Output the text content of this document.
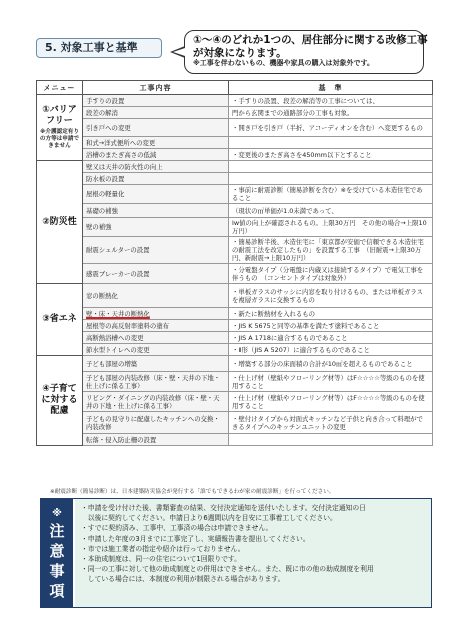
5. 対象工事と基準
①～④のどれか1つの、居住部分に関する改修工事
が対象になります。
※工事を伴わないもの、機器や家具の購入は対象外です。
メニュー	工事内容	基　準

①バリア
フリー
※介護認定有りの方等は申請できません	手すりの設置	・手すりの設置、段差の解消等の工事については、
	段差の解消	門から玄関までの通路部分の工事も対象。
	引き戸への変更	・開き戸を引き戸（半折、アコーディオンを含む）へ変更するもの
	和式→洋式便所への変更	
	浴槽のまたぎ高さの低減	・変更後のまたぎ高さを450mm以下とすること

②防災性	壁又は天井の防火性の向上	
	防水板の設置	
	屋根の軽量化	・事前に耐震診断（簡易診断を含む）※を受けている木造住宅であること
	基礎の補強	（現状の㎡単価が1.0未満であって、
	壁の補強	Iw値の向上が確認されるもの。上限30万円　その他の場合→上限10万円）
	耐震シェルターの設置	・簡易診断半後、木造住宅に「東京都が安価で信頼できる木造住宅の耐震工法を改定したもの」を設置する工事　（旧耐震→上限30万円、新耐震→上限10万円）
	感震ブレーカーの設置	・分電盤タイプ（分電盤に内蔵又は接続するタイプ）で電気工事を伴うもの　（コンセントタイプは対象外）

③省エネ	窓の断熱化	・単板ガラスのサッシに内窓を取り付けるもの、または単板ガラスを複層ガラスに交換するもの
	壁・床・天井の断熱化	・新たに断熱材を入れるもの
	屋根等の高反射率塗料の塗布	・JIS K 5675と同等の基準を満たす塗料であること
	高断熱浴槽への変更	・JIS A 1718に適合するものであること
	節水型トイレへの変更	・Ⅱ形（JIS A 5207）に適合するものであること

④子育て
に対する
配慮	子ども部屋の増築	・増築する部分の床面積の合計が10㎡を超えるものであること
	子ども部屋の内装改修（床・壁・天井の下地・仕上げに係る工事）	・仕上げ材（壁紙やフローリング材等）はF☆☆☆☆等級のものを使用すること
	リビング・ダイニングの内装改修（床・壁・天井の下地・仕上げに係る工事）	・仕上げ材（壁紙やフローリング材等）はF☆☆☆☆等級のものを使用すること
	子どもの見守りに配慮したキッチンへの交換・内装改修	・壁付けタイプから対面式キッチンなど子供と向き合って料理ができるタイプへのキッチンユニットの変更
	転落・侵入防止柵の設置	
※耐震診断（簡易診断）は、日本建築防災協会が発行する「誰でもできるわが家の耐震診断」を行ってください。
※
注
意
事
項

・申請を受け付けた後、書類審査の結果、交付決定通知を送付いたします。交付決定通知の日

　以後に契約してください。申請日より6週間以内を目安に工事着工してください。

・すでに契約済み、工事中、工事済の場合は申請できません。

・申請した年度の3月までに工事完了し、実績報告書を提出してください。

・市では施工業者の指定や紹介は行っておりません。

・本助成制度は、同一の住宅について1回限りです。

・同一の工事に対して他の助成制度との併用はできません。また、既に市の他の助成制度を利用

　している場合には、本制度の利用が制限される場合があります。
